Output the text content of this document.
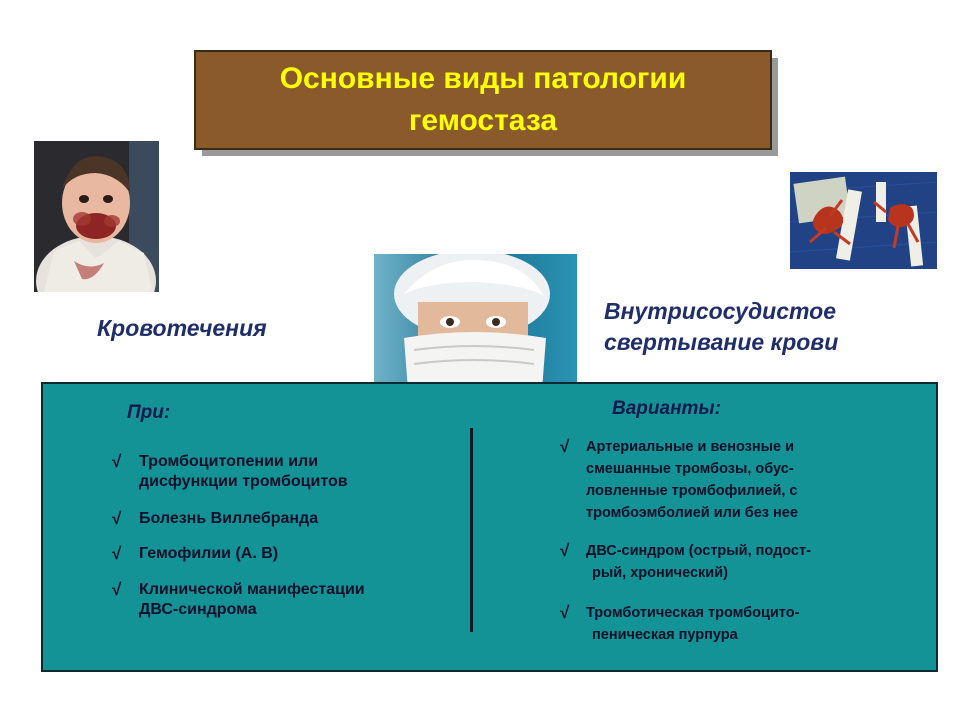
Основные виды патологии
гемостаза
Кровотечения
Внутрисосудистое
свертывание крови
При:	Варианты:
√ Тромбоцитопении или
дисфункции тромбоцитов
√ Болезнь Виллебранда
√ Гемофилии (А. В)
√ Клинической манифестации
ДВС-синдрома
√ Артериальные и венозные и
смешанные тромбозы, обус-
ловленные тромбофилией, с
тромбоэмболией или без нее
√ ДВС-синдром (острый, подост-
рый, хронический)
√ Тромботическая тромбоцито-
пеническая пурпура
